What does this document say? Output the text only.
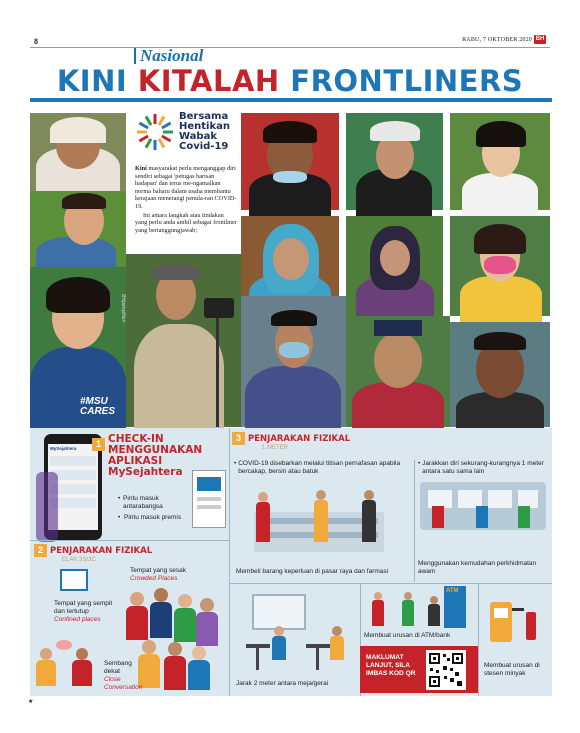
8	RABU, 7 OKTOBER 2020 BH
Nasional
KINI KITALAH FRONTLINERS
#MSU CARES
Bhlpenyiliteri
Bersama
Hentikan
Wabak
Covid-19

Kini masyarakat perlu menganggap diri sendiri sebagai 'petugas barisan hadapan' dan terus me-ngamalkan norma baharu dalam usaha membantu kerajaan menerangi penula-ran COVID-19.

Ini antara langkah atau tindakan yang perlu anda ambil sebagai frontliner yang bertanggungjawab;

MySejahtera	1 CHECK-IN MENGGUNAKAN APLIKASI MySejahtera
• Pintu masuk antarabangsa
• Pintu masuk premis
2 PENJARAKAN FIZIKAL
ELAK 3S/3C
Tempat yang sesak
Crowded Places
Tempat yang sempit dan tertutup
Confined places
Sembang dekat
Close Conversation
3 PENJARAKAN FIZIKAL
1 METER
• COVID-19 disebarkan melalui titisan pernafasan apabila bercakap, bersin atau batuk
• Jarakkan diri sekurang-kurangnya 1 meter antara satu sama lain
Membeli barang keperluan di pasar raya dan farmasi
Menggunakan kemudahan perkhidmatan awam
Jarak 2 meter antara meja/gerai
ATM
Membuat urusan di ATM/bank
MAKLUMAT LANJUT, SILA IMBAS KOD QR
Membuat urusan di stesen minyak
★
